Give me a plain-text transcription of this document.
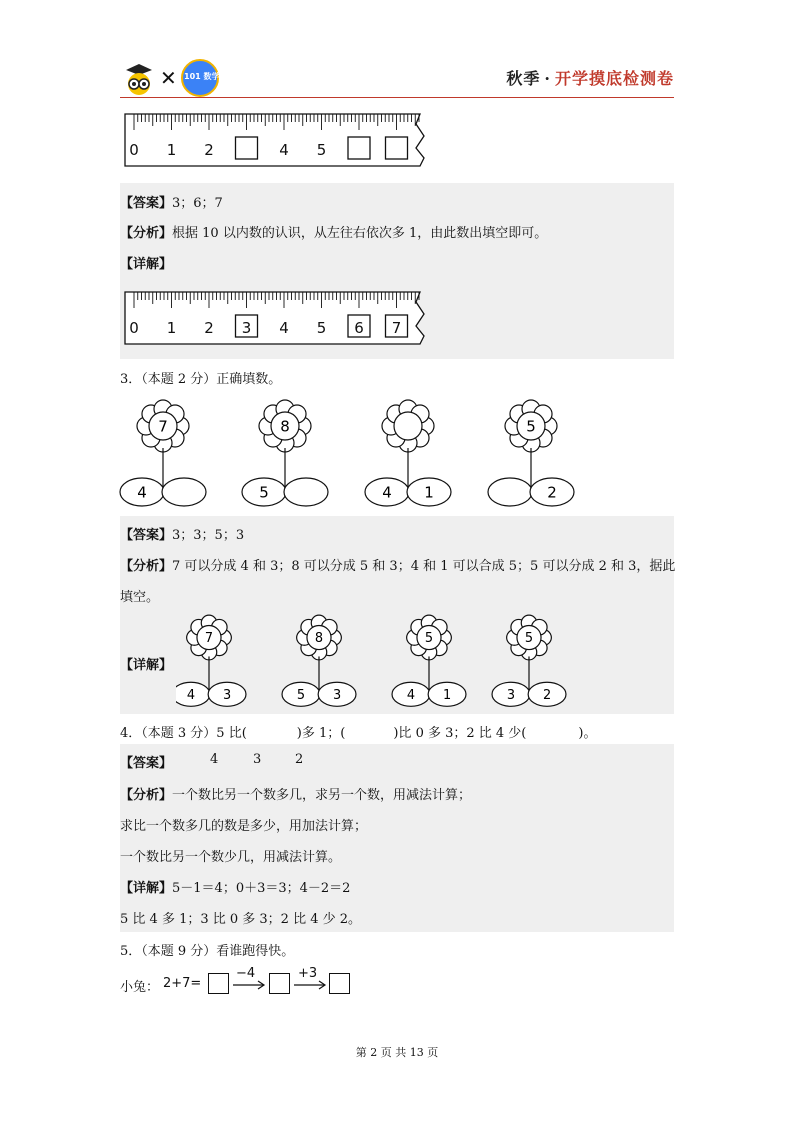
✕ 101 数学	秋季 · 开学摸底检测卷
0 1 2	4 5
【答案】3；6；7
【分析】根据 10 以内数的认识，从左往右依次多 1，由此数出填空即可。
【详解】
0 1 2 3 4 5 6 7
3．（本题 2 分）正确填数。
7
4
8
5	4 1
5
2
【答案】3；3；5；3
【分析】7 可以分成 4 和 3；8 可以分成 5 和 3；4 和 1 可以合成 5；5 可以分成 2 和 3，据此
填空。
【详解】
7
4 3
8
5 3
5
4 1
5
3 2
4．（本题 3 分）5 比(	)多 1；(	)比 0 多 3；2 比 4 少(	)。
【答案】	4	3	2
【分析】一个数比另一个数多几，求另一个数，用减法计算；
求比一个数多几的数是多少，用加法计算；
一个数比另一个数少几，用减法计算。
【详解】5－1＝4；0＋3＝3；4－2＝2
5 比 4 多 1；3 比 0 多 3；2 比 4 少 2。
5．（本题 9 分）看谁跑得快。
小兔： 2+7=
−4	+3
第 2 页 共 13 页
